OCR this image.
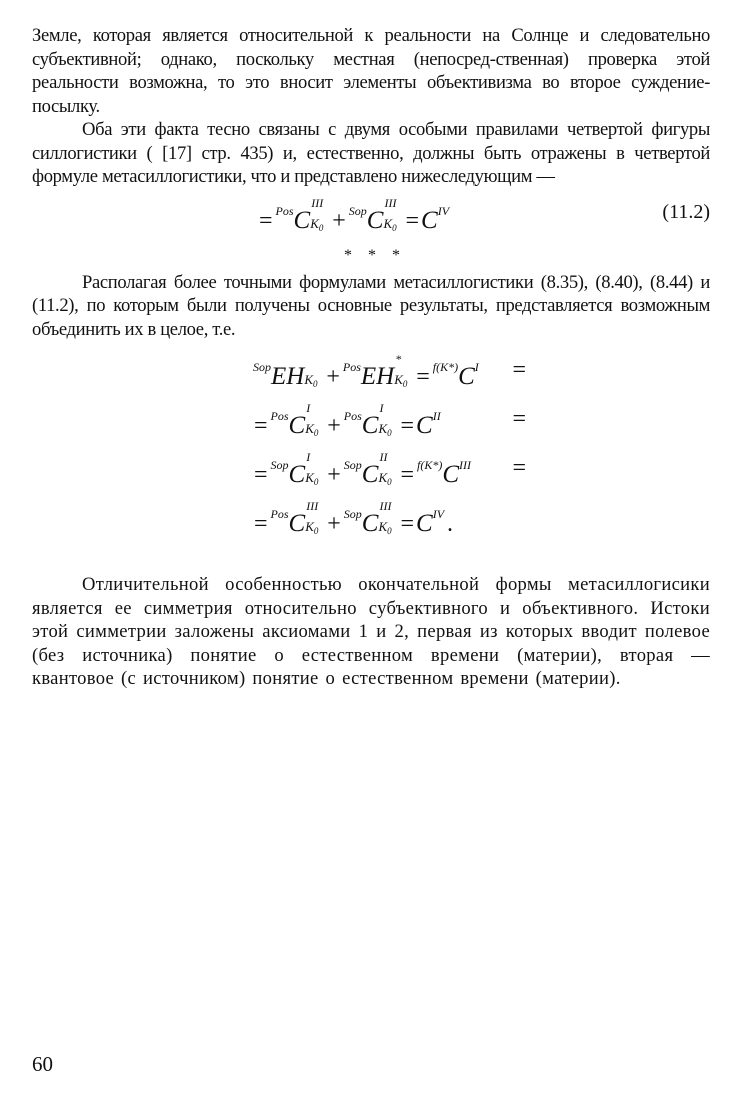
Земле, которая является относительной к реальности на Солнце и следовательно субъективной; однако, поскольку местная (непосред-ственная) проверка этой реальности возможна, то это вносит элементы объективизма во второе суждение-посылку.

Оба эти факта тесно связаны с двумя особыми правилами четвертой фигуры силлогистики ( [17] стр. 435) и, естественно, должны быть отражены в четвертой формуле метасиллогистики, что и представлено нижеследующим —

= $^{Pos}$C
III
$K_0 + ^{Sop}C$
III
$K_0 =C^{IV}$	(11.2)
* * *

Располагая более точными формулами метасиллогистики (8.35), (8.40), (8.44) и (11.2), по которым были получены основные результаты, представляется возможным объединить их в целое, т.е.

$^{Sop}$EH $K_0 + ^{Pos}EH$
*
$K_0 = ^{f(K*)}C^I$ =
= $^{Pos}$C
I
$K_0 + ^{Pos}C$
I
$K_0 =C^{II}$	=
= $^{Sop}$C
I
$K_0 + ^{Sop}C$
II
$K_0 = ^{f(K*)}C^{III}$ =
= $^{Pos}$C
III
$K_0 + ^{Sop}C$
III
$K_0 =C^{IV}$ .

Отличительной особенностью окончательной формы метасиллогисики является ее симметрия относительно субъективного и объективного. Истоки этой симметрии заложены аксиомами 1 и 2, первая из которых вводит полевое (без источника) понятие о естественном времени (материи), вторая — квантовое (с источником) понятие о естественном времени (материи).

60
